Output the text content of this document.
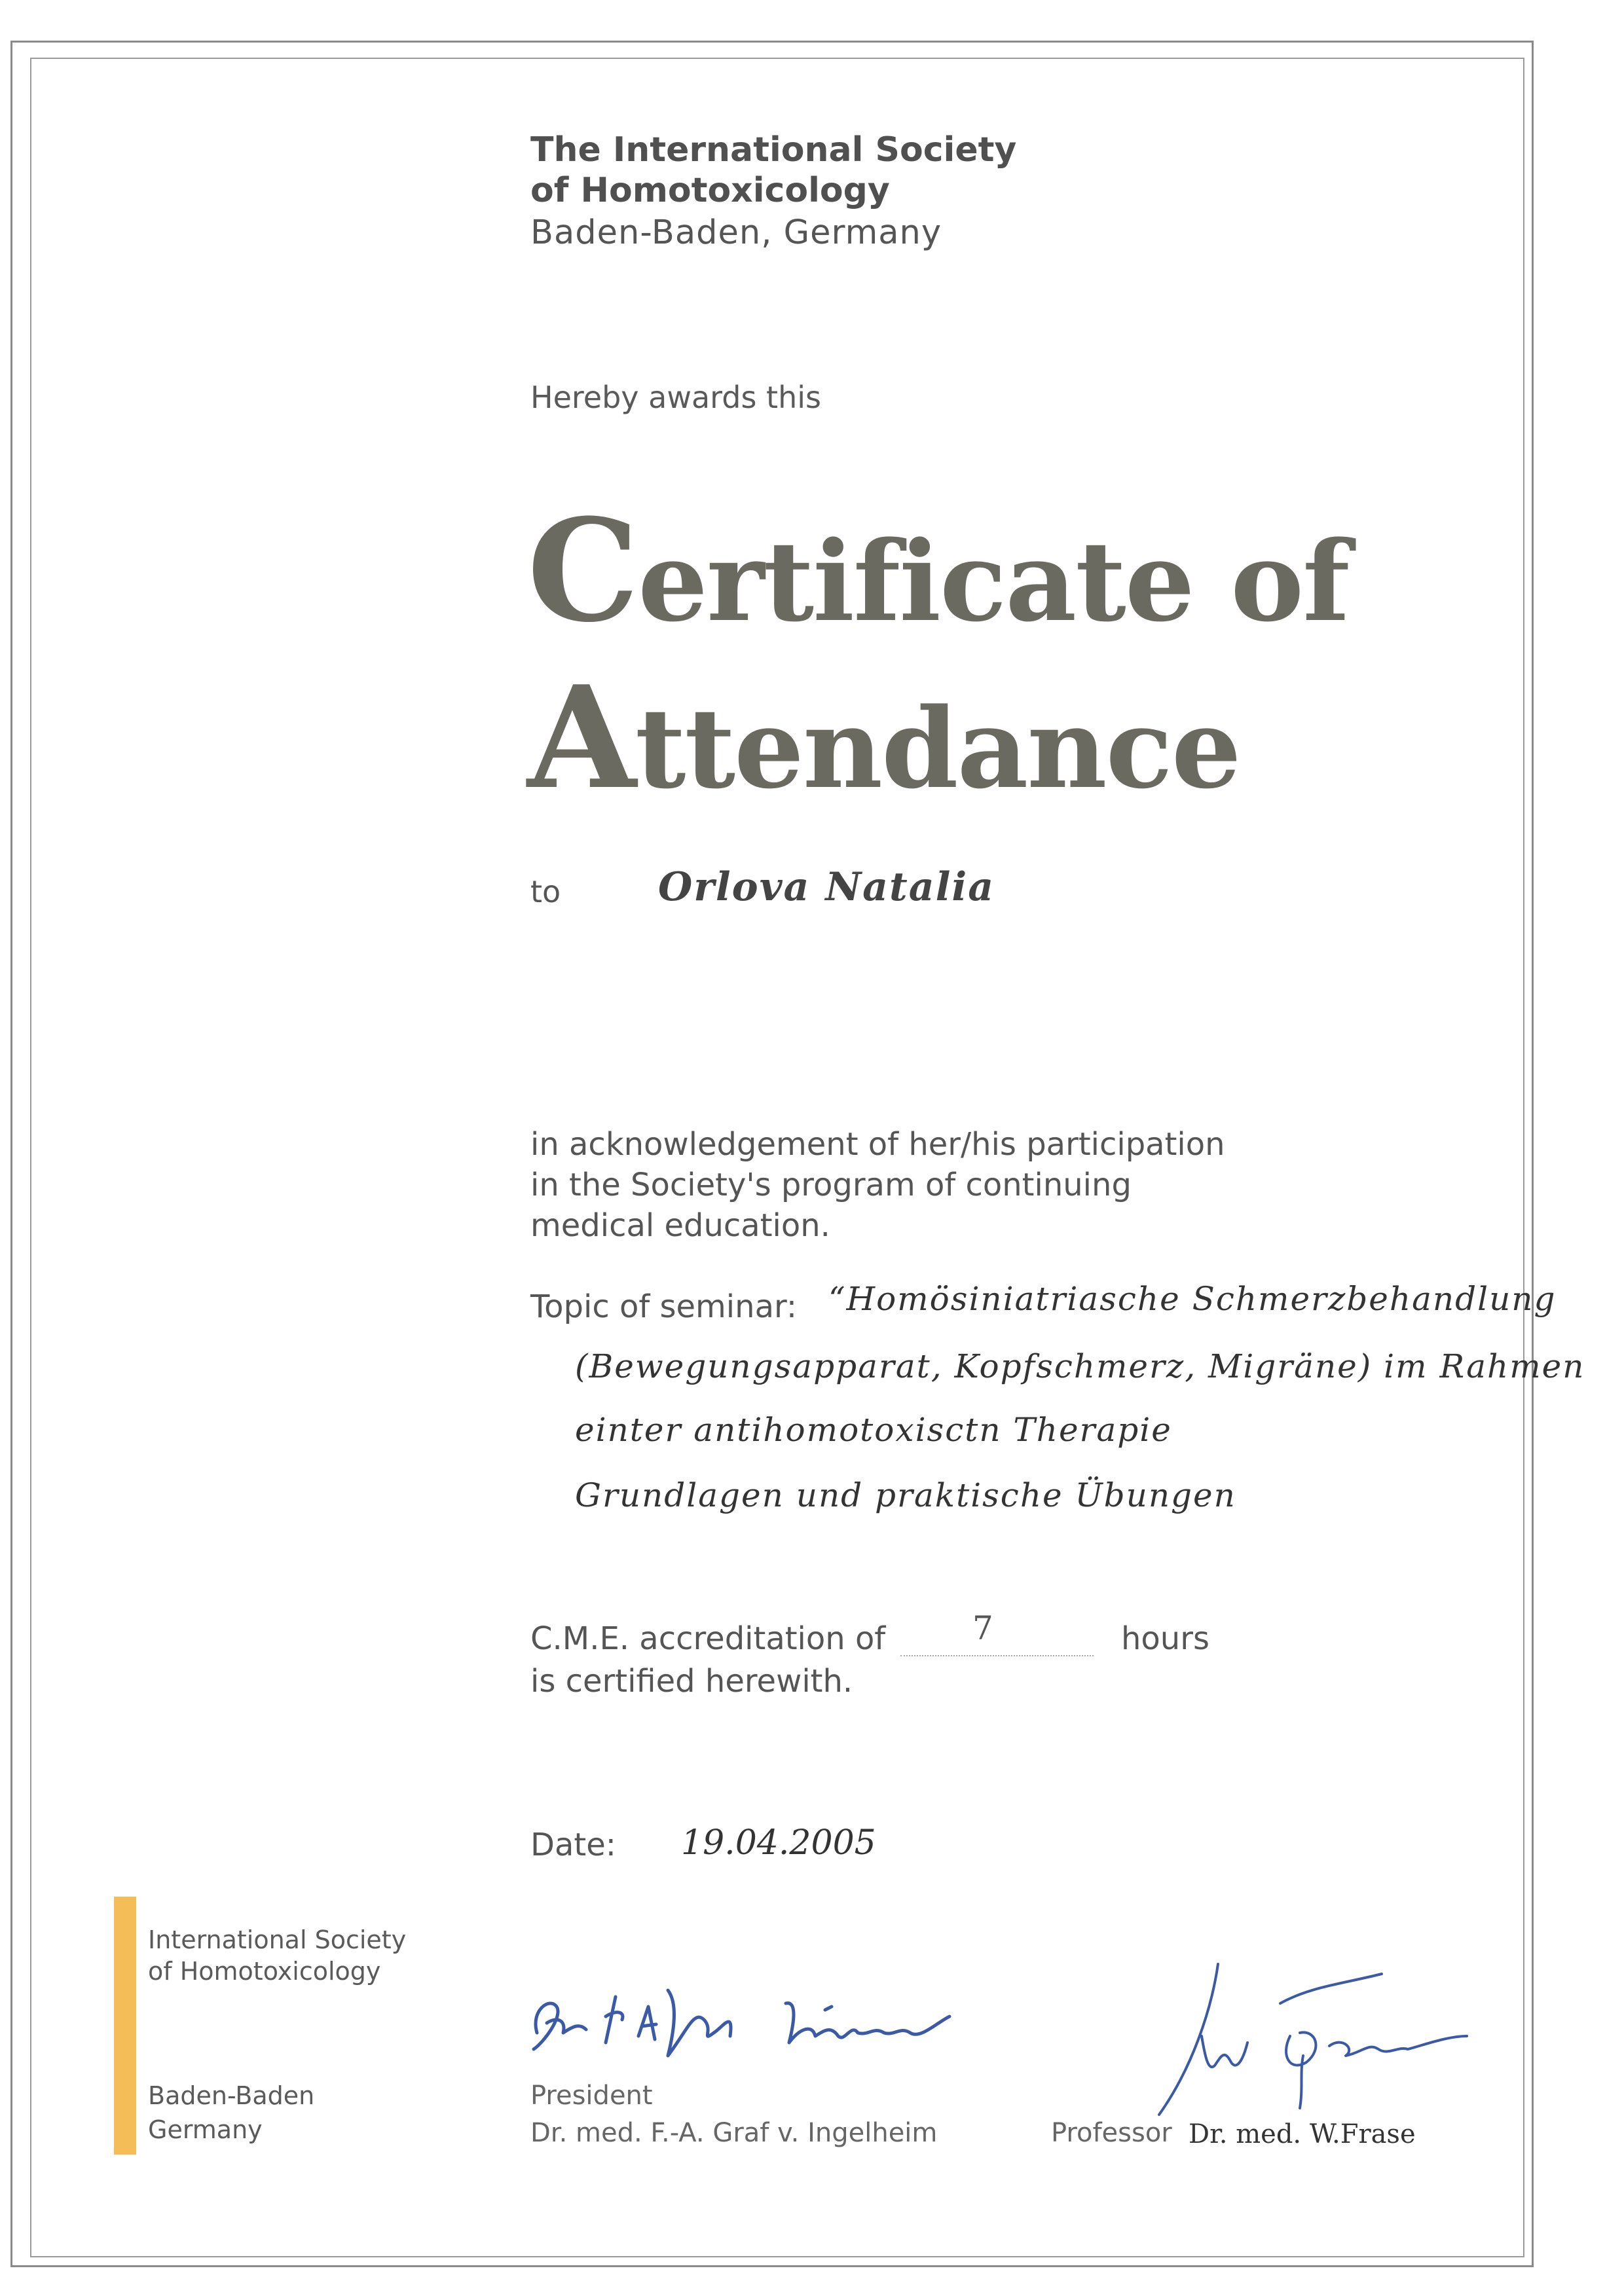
The International Society
of Homotoxicology
Baden-Baden, Germany
Hereby awards this
Certificate of
Attendance
to Orlova Natalia
in acknowledgement of her/his participation
in the Society's program of continuing
medical education.
Topic of seminar: “Homösiniatriasche Schmerzbehandlung
(Bewegungsapparat, Kopfschmerz, Migräne) im Rahmen
einter antihomotoxisctn Therapie
Grundlagen und praktische Übungen
C.M.E. accreditation of	7	hours
is certified herewith.
Date: 19.04.2005
International Society
of Homotoxicology
Baden-Baden
Germany
President
Dr. med. F.-A. Graf v. Ingelheim	Professor Dr. med. W.Frase
